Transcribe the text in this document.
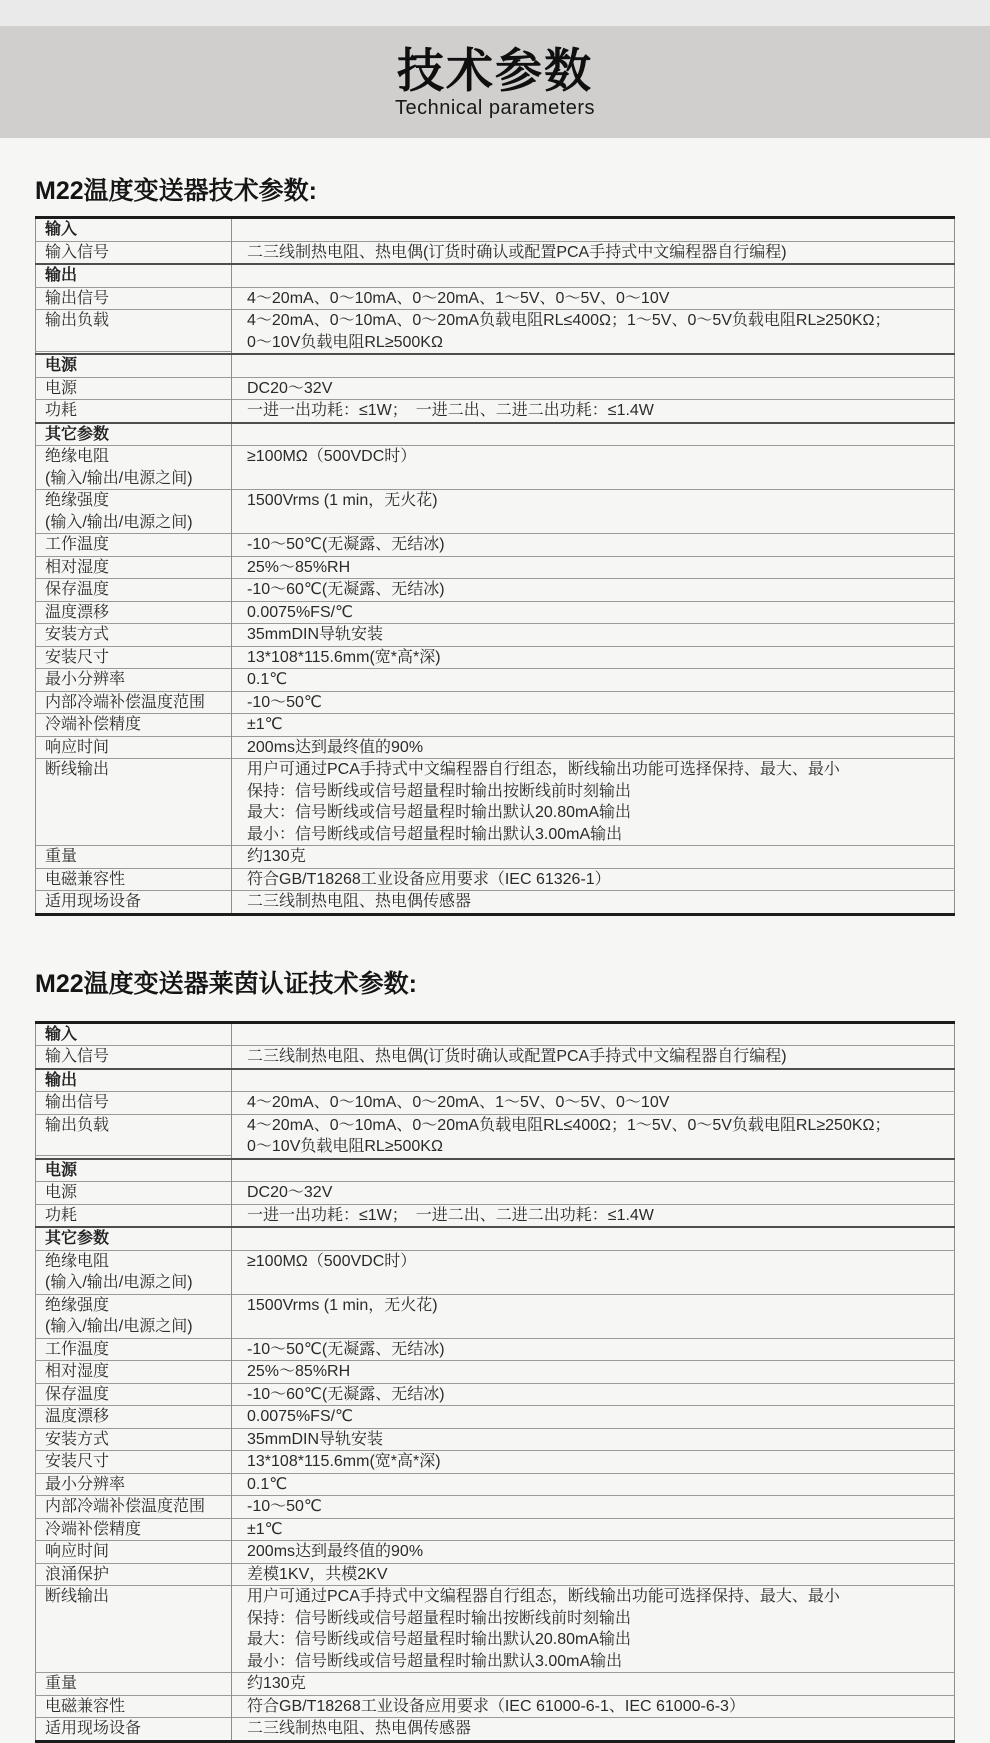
技术参数
Technical parameters
M22温度变送器技术参数:
输入	
输入信号	二三线制热电阻、热电偶(订货时确认或配置PCA手持式中文编程器自行编程)
输出	
输出信号	4～20mA、0～10mA、0～20mA、1～5V、0～5V、0～10V
输出负载	4～20mA、0～10mA、0～20mA负载电阻RL≤400Ω；1～5V、0～5V负载电阻RL≥250KΩ；
0～10V负载电阻RL≥500KΩ

电源	
电源	DC20～32V
功耗	一进一出功耗：≤1W；　一进二出、二进二出功耗：≤1.4W
其它参数	
绝缘电阻
(输入/输出/电源之间)	≥100MΩ（500VDC时）
绝缘强度
(输入/输出/电源之间)	1500Vrms (1 min，无火花)
工作温度	-10～50℃(无凝露、无结冰)
相对湿度	25%～85%RH
保存温度	-10～60℃(无凝露、无结冰)
温度漂移	0.0075%FS/℃
安装方式	35mmDIN导轨安装
安装尺寸	13*108*115.6mm(宽*高*深)
最小分辨率	0.1℃
内部冷端补偿温度范围	-10～50℃
冷端补偿精度	±1℃
响应时间	200ms达到最终值的90%
断线输出	用户可通过PCA手持式中文编程器自行组态，断线输出功能可选择保持、最大、最小
保持：信号断线或信号超量程时输出按断线前时刻输出
最大：信号断线或信号超量程时输出默认20.80mA输出
最小：信号断线或信号超量程时输出默认3.00mA输出
重量	约130克
电磁兼容性	符合GB/T18268工业设备应用要求（IEC 61326-1）
适用现场设备	二三线制热电阻、热电偶传感器
M22温度变送器莱茵认证技术参数:
输入	
输入信号	二三线制热电阻、热电偶(订货时确认或配置PCA手持式中文编程器自行编程)
输出	
输出信号	4～20mA、0～10mA、0～20mA、1～5V、0～5V、0～10V
输出负载	4～20mA、0～10mA、0～20mA负载电阻RL≤400Ω；1～5V、0～5V负载电阻RL≥250KΩ；
0～10V负载电阻RL≥500KΩ

电源	
电源	DC20～32V
功耗	一进一出功耗：≤1W；　一进二出、二进二出功耗：≤1.4W
其它参数	
绝缘电阻
(输入/输出/电源之间)	≥100MΩ（500VDC时）
绝缘强度
(输入/输出/电源之间)	1500Vrms (1 min，无火花)
工作温度	-10～50℃(无凝露、无结冰)
相对湿度	25%～85%RH
保存温度	-10～60℃(无凝露、无结冰)
温度漂移	0.0075%FS/℃
安装方式	35mmDIN导轨安装
安装尺寸	13*108*115.6mm(宽*高*深)
最小分辨率	0.1℃
内部冷端补偿温度范围	-10～50℃
冷端补偿精度	±1℃
响应时间	200ms达到最终值的90%
浪涌保护	差模1KV，共模2KV
断线输出	用户可通过PCA手持式中文编程器自行组态，断线输出功能可选择保持、最大、最小
保持：信号断线或信号超量程时输出按断线前时刻输出
最大：信号断线或信号超量程时输出默认20.80mA输出
最小：信号断线或信号超量程时输出默认3.00mA输出
重量	约130克
电磁兼容性	符合GB/T18268工业设备应用要求（IEC 61000-6-1、IEC 61000-6-3）
适用现场设备	二三线制热电阻、热电偶传感器
